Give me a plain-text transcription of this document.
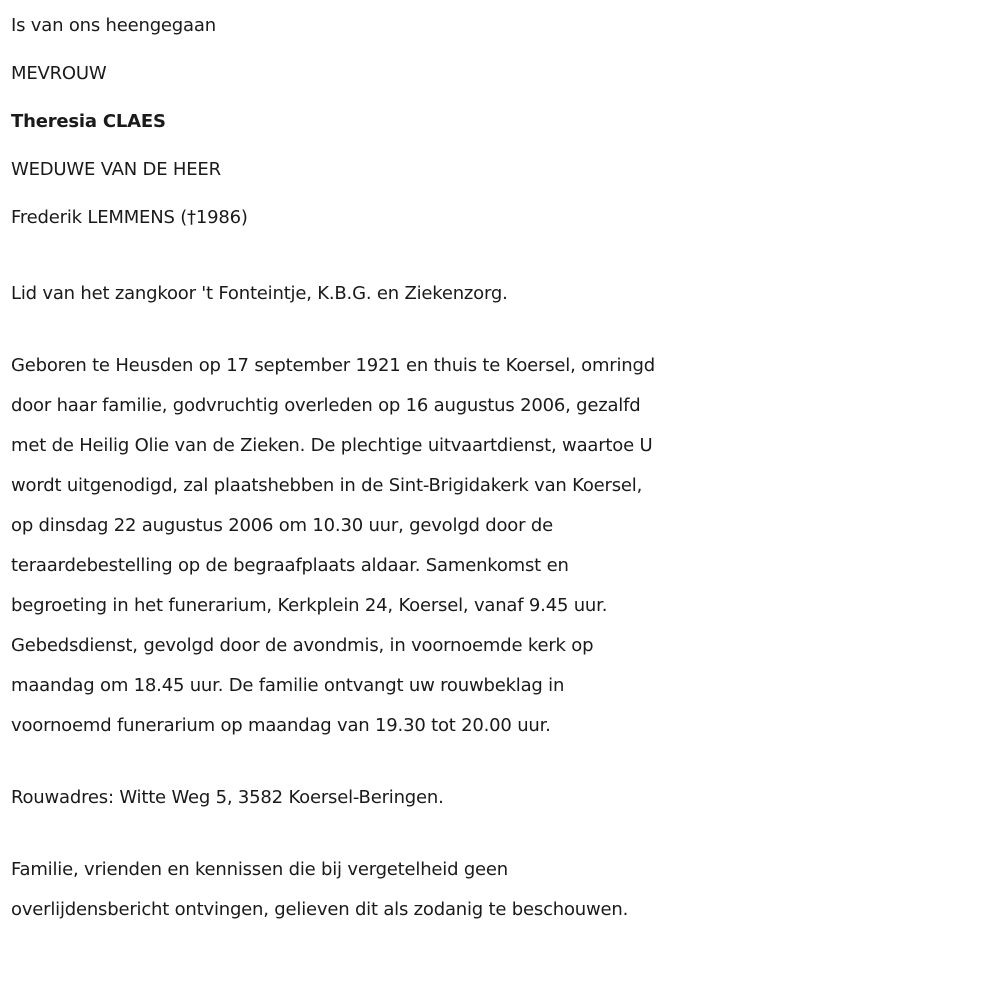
Is van ons heengegaan
MEVROUW
Theresia CLAES
WEDUWE VAN DE HEER
Frederik LEMMENS (†1986)
Lid van het zangkoor 't Fonteintje, K.B.G. en Ziekenzorg.
Geboren te Heusden op 17 september 1921 en thuis te Koersel, omringd
door haar familie, godvruchtig overleden op 16 augustus 2006, gezalfd
met de Heilig Olie van de Zieken. De plechtige uitvaartdienst, waartoe U
wordt uitgenodigd, zal plaatshebben in de Sint-Brigidakerk van Koersel,
op dinsdag 22 augustus 2006 om 10.30 uur, gevolgd door de
teraardebestelling op de begraafplaats aldaar. Samenkomst en
begroeting in het funerarium, Kerkplein 24, Koersel, vanaf 9.45 uur.
Gebedsdienst, gevolgd door de avondmis, in voornoemde kerk op
maandag om 18.45 uur. De familie ontvangt uw rouwbeklag in
voornoemd funerarium op maandag van 19.30 tot 20.00 uur.
Rouwadres: Witte Weg 5, 3582 Koersel-Beringen.
Familie, vrienden en kennissen die bij vergetelheid geen
overlijdensbericht ontvingen, gelieven dit als zodanig te beschouwen.
